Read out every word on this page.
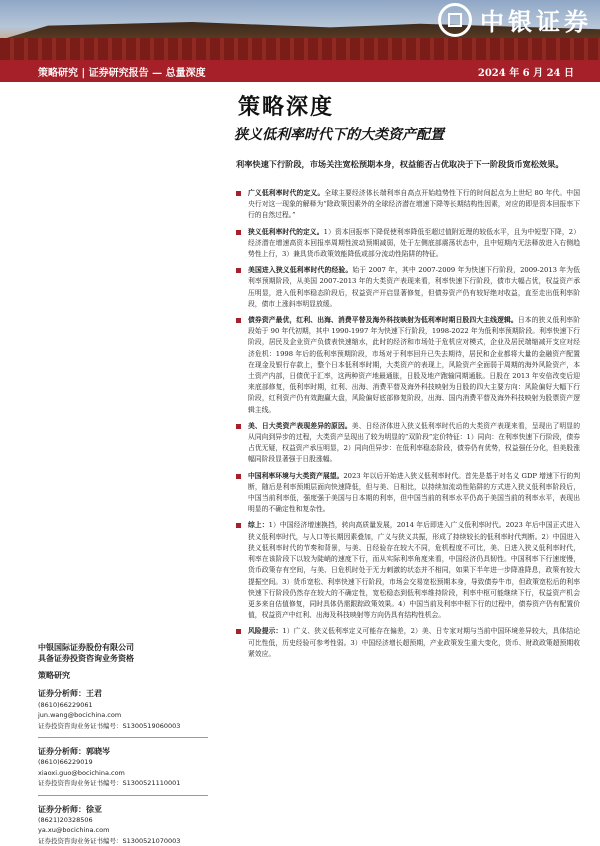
中银证券
策略研究 | 证券研究报告 — 总量深度	2024 年 6 月 24 日
策略深度

狭义低利率时代下的大类资产配置

利率快速下行阶段，市场关注宽松预期本身，权益能否占优取决于下一阶段货币宽松效果。
广义低利率时代的定义。全球主要经济体长端利率自高点开始趋势性下行的时间起点为上世纪 80 年代。中国央行对这一现象的解释为“除政策因素外的全球经济潜在增速下降等长期结构性因素，对应的即是资本回报率下行的自然过程。”
狭义低利率时代的定义。1）资本回报率下降促使利率降低至超过值附近理的较低水平，且为中短型下降，2）经济潜在增速高资本回报率周期性波动预期减弱，处于左侧底部震荡状态中，且中短期内无法释放进入右侧趋势性上行，3）兼具货币政策效能降低或部分流动性陷阱的特征。
美国进入狭义低利率时代的经验。始于 2007 年，其中 2007-2009 年为快速下行阶段，2009-2013 年为低利率预期阶段，从美国 2007-2013 年的大类资产表现来看，利率快速下行阶段，债市大幅占优，权益资产承压明显，进入低利率稳态阶段后，权益资产开启显著修复，但债券资产仍有较好绝对收益，直至走出低利率阶段，债市上涨斜率明显放缓。
债券资产最优，红利、出海、消费平替及海外科技映射为低利率时期日股四大主线逻辑。日本的狭义低利率阶段始于 90 年代初期，其中 1990-1997 年为快速下行阶段，1998-2022 年为低利率预期阶段。利率快速下行阶段，居民及企业资产负债表快速缩水，此时的经济和市场处于危机应对模式，企业及居民端缩减开支应对经济危机：1998 年后的低利率预期阶段，市场对于利率回升已失去期待，居民和企业都将大量的金融资产配置在现金及银行存款上，整个日本低利率时期，大类资产的表现上，风险资产全面弱于周期的海外风险资产，本土资产内部，日债优于汇率，这两种资产地最通胀，日股及地产跑输同期通胀。日股在 2013 年安倍改变后迎来底部修复，低利率时期，红利、出海、消费平替及海外科技映射为日股的四大主要方向：风险偏好大幅下行阶段，红利资产仍有效跑赢大盘，风险偏好底部修复阶段，出海、国内消费平替及海外科技映射为股票资产逻辑主线。
美、日大类资产表现差异的原因。美、日经济体进入狭义低利率时代后的大类资产表现来看，呈现出了明显的从同向到异步的过程，大类资产呈现出了较为明显的“双阶段”定价特征：1）同向：在利率快速下行阶段，债券占优无疑，权益资产承压明显，2）同向但异步：在低利率稳态阶段，债券仍有优势，权益强任分化，但美股涨幅同阶段显著强于日股涨幅。
中国利率环境与大类资产展望。2023 年以后开始进入狭义低利率时代。首先是基于对名义 GDP 增速下行的判断，随后是利率预期层面向快速降低，但与美、日相比，以持续加流动性陷阱的方式进入狭义低利率阶段后，中国当前利率低，强度强于美国与日本期的利率，但中国当前的利率水平仍高于美国当前的利率水平，表现出明显的不确定性和复杂性。
综上：1）中国经济增速换挡，转向高质量发展，2014 年后即进入广义低利率时代。2023 年后中国正式进入狭义低利率时代，与人口等长期因素叠加，广义与狭义共振，形成了持续较长的低利率时代判断。2）中国进入狭义低利率时代的节奏和背景，与美、日经验存在较大不同，危机程度不可比，美、日进入狭义低利率时代，利率在该阶段下以较为陡峭的速度下行，而从实际利率角度来看，中国经济仍具韧性。中国利率下行速度慢，货币政策存有空间，与美、日危机时处于无力刺激的状态并不相同，如果下半年进一步降准降息，政策有较大提振空间。3）货币宽松、利率快速下行阶段，市场会交易宽松预期本身，导致债券牛市，但政策宽松后的利率快速下行阶段仍然存在较大的不确定性，宽松稳态到低利率维持阶段，利率中枢可能继续下行，权益资产机会更多来自估值修复，同时具体仍需跟踪政策效果。4）中国当前及利率中枢下行的过程中，债券资产仍有配置价值，权益资产中红利、出海及科技映射等方向仍具有结构性机会。
风险提示：1）广义、狭义低利率定义可能存在偏差，2）美、日专家对期与当前中国环境差异较大，具体结论可比性低，历史经验可参考性弱。3）中国经济增长超预期，产业政策发生重大变化，货币、财政政策超预期收紧效应。
中银国际证券股份有限公司
具备证券投资咨询业务资格
策略研究
证券分析师：王君
(8610)66229061
jun.wang@bocichina.com
证券投资咨询业务证书编号：S1300519060003
证券分析师：郭晓岑
(8610)66229019
xiaoxi.guo@bocichina.com
证券投资咨询业务证书编号：S1300521110001
证券分析师：徐亚
(8621)20328506
ya.xu@bocichina.com
证券投资咨询业务证书编号：S1300521070003
